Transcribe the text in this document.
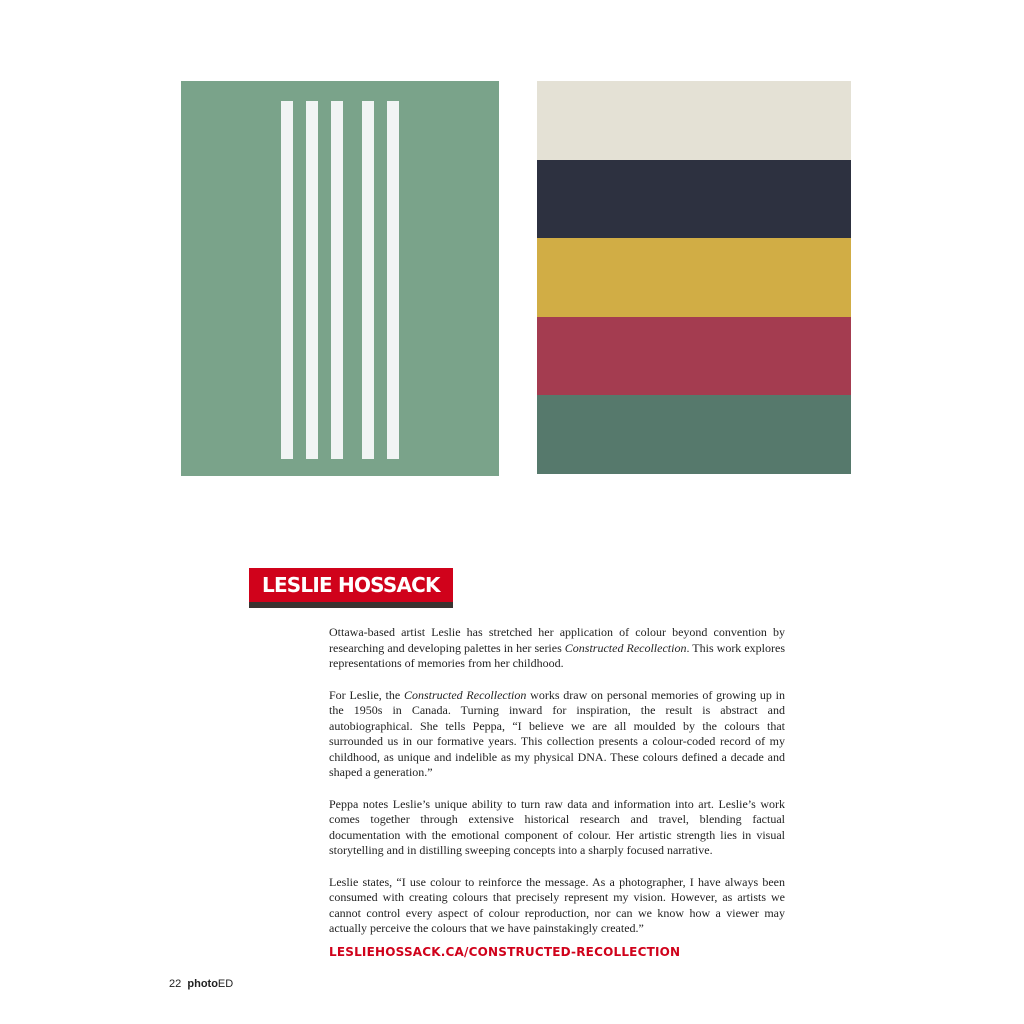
LESLIE HOSSACK

Ottawa-based artist Leslie has stretched her application of colour beyond convention by researching and developing palettes in her series Constructed Recollection. This work explores representations of memories from her childhood.

For Leslie, the Constructed Recollection works draw on personal memories of growing up in the 1950s in Canada. Turning inward for inspiration, the result is abstract and autobiographical. She tells Peppa, “I believe we are all moulded by the colours that surrounded us in our formative years. This collection presents a colour-coded record of my childhood, as unique and indelible as my physical DNA. These colours defined a decade and shaped a generation.”

Peppa notes Leslie’s unique ability to turn raw data and information into art. Leslie’s work comes together through extensive historical research and travel, blending factual documentation with the emotional component of colour. Her artistic strength lies in visual storytelling and in distilling sweeping concepts into a sharply focused narrative.

Leslie states, “I use colour to reinforce the message. As a photographer, I have always been consumed with creating colours that precisely represent my vision. However, as artists we cannot control every aspect of colour reproduction, nor can we know how a viewer may actually perceive the colours that we have painstakingly created.”

LESLIEHOSSACK.CA/CONSTRUCTED-RECOLLECTION
22 photoED
